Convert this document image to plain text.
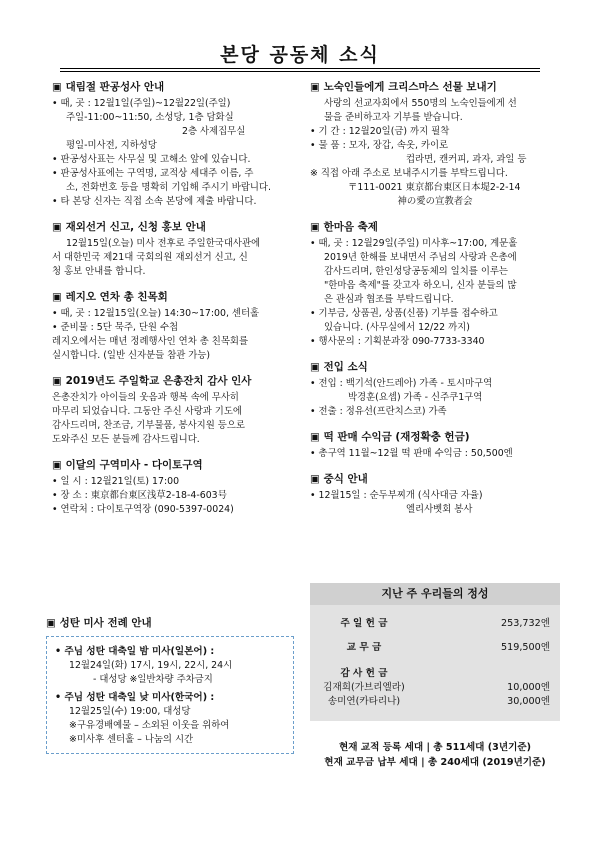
본당 공동체 소식
▣ 대림절 판공성사 안내
• 때, 곳 : 12월1일(주일)~12월22일(주일)
주일-11:00~11:50, 소성당, 1층 담화실
2층 사제집무실
평일-미사전, 지하성당
• 판공성사표는 사무실 및 고해소 앞에 있습니다.
• 판공성사표에는 구역명, 교적상 세대주 이름, 주
소, 전화번호 등을 명확히 기입해 주시기 바랍니다.
• 타 본당 신자는 직접 소속 본당에 제출 바랍니다.
▣ 재외선거 신고, 신청 홍보 안내
12월15일(오늘) 미사 전후로 주일한국대사관에
서 대한민국 제21대 국회의원 재외선거 신고, 신
청 홍보 안내를 합니다.
▣ 레지오 연차 총 친목회
• 때, 곳 : 12월15일(오늘) 14:30~17:00, 센터홀
• 준비물 : 5단 묵주, 단원 수첩
레지오에서는 매년 정례행사인 연차 총 친목회를
실시합니다. (일반 신자분들 참관 가능)
▣ 2019년도 주일학교 은총잔치 감사 인사
은총잔치가 아이들의 웃음과 행복 속에 무사히
마무리 되었습니다. 그동안 주신 사랑과 기도에
감사드리며, 찬조금, 기부물품, 봉사지원 등으로
도와주신 모든 분들께 감사드립니다.
▣ 이달의 구역미사 - 다이토구역
• 일 시 : 12월21일(토) 17:00
• 장 소 : 東京都台東区浅草2-18-4-603号
• 연락처 : 다이토구역장 (090-5397-0024)
▣ 성탄 미사 전례 안내
• 주님 성탄 대축일 밤 미사(일본어) :
12월24일(화) 17시, 19시, 22시, 24시
- 대성당 ※일반차량 주차금지
• 주님 성탄 대축일 낮 미사(한국어) :
12월25일(수) 19:00, 대성당
※구유경배예물 – 소외된 이웃을 위하여
※미사후 센터홀 – 나눔의 시간
▣ 노숙인들에게 크리스마스 선물 보내기
사랑의 선교자회에서 550명의 노숙인들에게 선
물을 준비하고자 기부를 받습니다.
• 기 간 : 12월20일(금) 까지 필착
• 물 품 : 모자, 장갑, 속옷, 카이로
컵라면, 캔커피, 과자, 과일 등
※ 직접 아래 주소로 보내주시기를 부탁드립니다.
〒111-0021 東京都台東区日本堤2-2-14
神の愛の宣教者会
▣ 한마음 축제
• 때, 곳 : 12월29일(주일) 미사후~17:00, 계문홀
2019년 한해를 보내면서 주님의 사랑과 은총에
감사드리며, 한인성당공동체의 일치를 이루는
"한마음 축제"를 갖고자 하오니, 신자 분들의 많
은 관심과 협조를 부탁드립니다.
• 기부금, 상품권, 상품(신품) 기부를 접수하고
있습니다. (사무실에서 12/22 까지)
• 행사문의 : 기획분과장 090-7733-3340
▣ 전입 소식
• 전입 : 백기석(안드레아) 가족 - 토시마구역
박경훈(요셉) 가족 - 신주쿠1구역
• 전출 : 정유선(프란치스코) 가족
▣ 떡 판매 수익금 (재정확충 헌금)
• 총구역 11월~12월 떡 판매 수익금 : 50,500엔
▣ 중식 안내
• 12월15일 : 순두부찌개 (식사대금 자율)
엘리사벳회 봉사
지난 주 우리들의 정성
주 일 헌 금	253,732엔
교 무 금	519,500엔
감 사 헌 금
김재희(가브리엘라)	10,000엔
송미연(카타리나)	30,000엔
현재 교적 등록 세대 | 총 511세대 (3년기준)
현재 교무금 납부 세대 | 총 240세대 (2019년기준)
